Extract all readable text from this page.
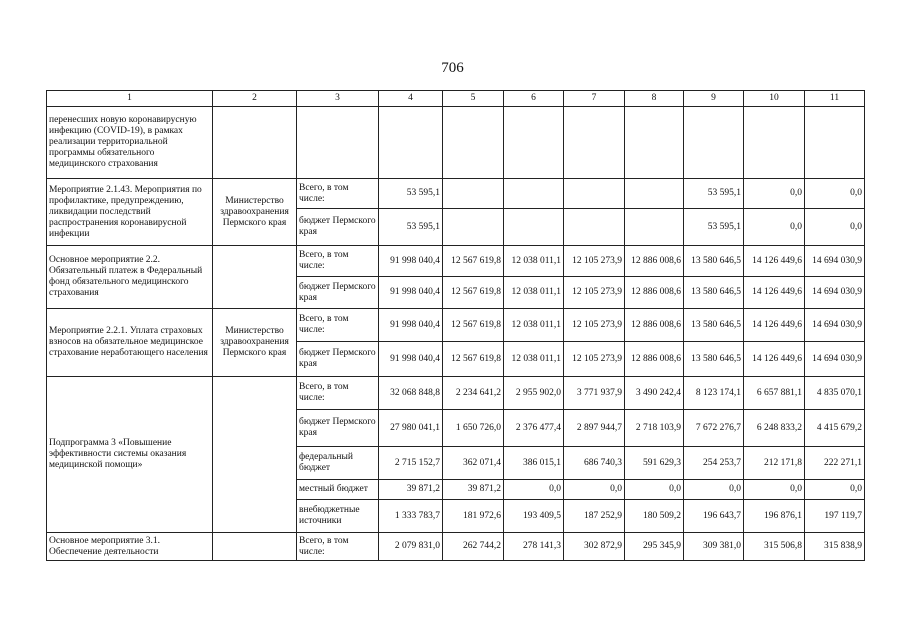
706
1	2	3	4	5	6	7	8	9	10	11
перенесших новую коронавирусную инфекцию (COVID-19), в рамках реализации территориальной программы обязательного медицинского страхования										
Мероприятие 2.1.43. Мероприятия по профилактике, предупреждению, ликвидации последствий распространения коронавирусной инфекции	Министерство здравоохранения Пермского края	Всего, в том числе:	53 595,1					53 595,1	0,0	0,0
		бюджет Пермского края	53 595,1					53 595,1	0,0	0,0
Основное мероприятие 2.2. Обязательный платеж в Федеральный фонд обязательного медицинского страхования		Всего, в том числе:	91 998 040,4	12 567 619,8	12 038 011,1	12 105 273,9	12 886 008,6	13 580 646,5	14 126 449,6	14 694 030,9
		бюджет Пермского края	91 998 040,4	12 567 619,8	12 038 011,1	12 105 273,9	12 886 008,6	13 580 646,5	14 126 449,6	14 694 030,9
Мероприятие 2.2.1. Уплата страховых взносов на обязательное медицинское страхование неработающего населения	Министерство здравоохранения Пермского края	Всего, в том числе:	91 998 040,4	12 567 619,8	12 038 011,1	12 105 273,9	12 886 008,6	13 580 646,5	14 126 449,6	14 694 030,9
		бюджет Пермского края	91 998 040,4	12 567 619,8	12 038 011,1	12 105 273,9	12 886 008,6	13 580 646,5	14 126 449,6	14 694 030,9
Подпрограмма 3 «Повышение эффективности системы оказания медицинской помощи»		Всего, в том числе:	32 068 848,8	2 234 641,2	2 955 902,0	3 771 937,9	3 490 242,4	8 123 174,1	6 657 881,1	4 835 070,1
		бюджет Пермского края	27 980 041,1	1 650 726,0	2 376 477,4	2 897 944,7	2 718 103,9	7 672 276,7	6 248 833,2	4 415 679,2
		федеральный бюджет	2 715 152,7	362 071,4	386 015,1	686 740,3	591 629,3	254 253,7	212 171,8	222 271,1
		местный бюджет	39 871,2	39 871,2	0,0	0,0	0,0	0,0	0,0	0,0
		внебюджетные источники	1 333 783,7	181 972,6	193 409,5	187 252,9	180 509,2	196 643,7	196 876,1	197 119,7
Основное мероприятие 3.1. Обеспечение деятельности		Всего, в том числе:	2 079 831,0	262 744,2	278 141,3	302 872,9	295 345,9	309 381,0	315 506,8	315 838,9
